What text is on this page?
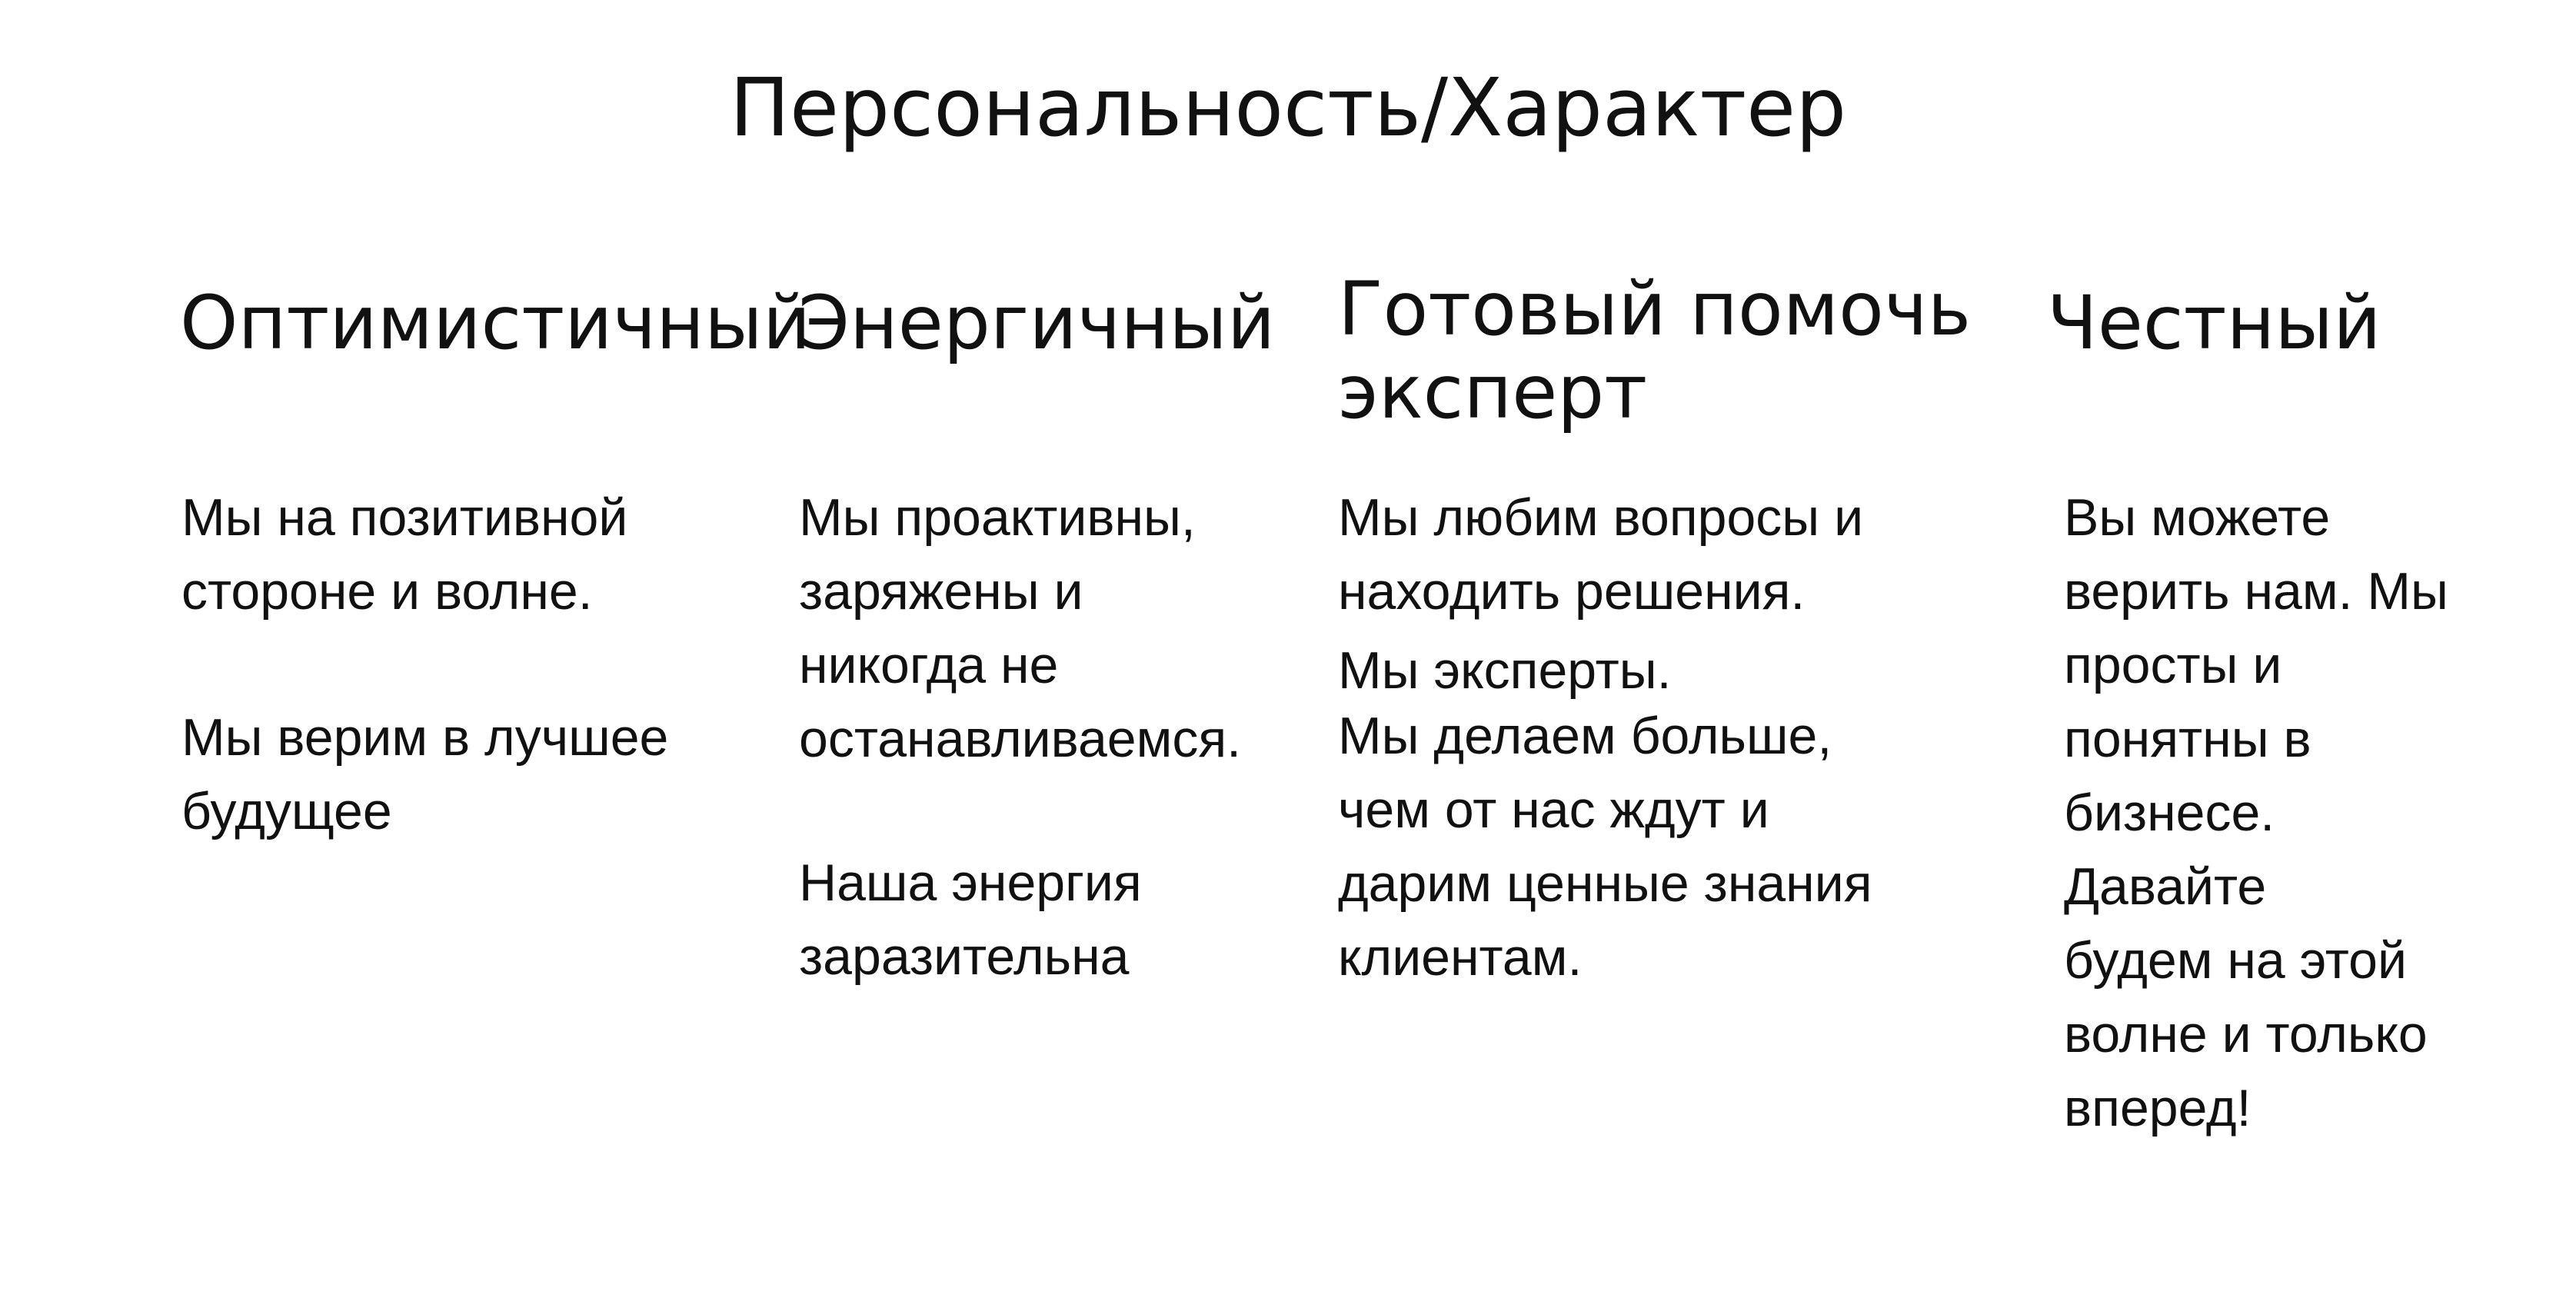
Персональность/Характер
Оптимистичный
Мы на позитивной
стороне и волне.
Мы верим в лучшее
будущее
Энергичный
Мы проактивны,
заряжены и
никогда не
останавливаемся.
Наша энергия
заразительна
Готовый помочь
эксперт
Мы любим вопросы и
находить решения.
Мы эксперты.
Мы делаем больше,
чем от нас ждут и
дарим ценные знания
клиентам.
Честный
Вы можете
верить нам. Мы
просты и
понятны в
бизнесе.
Давайте
будем на этой
волне и только
вперед!
